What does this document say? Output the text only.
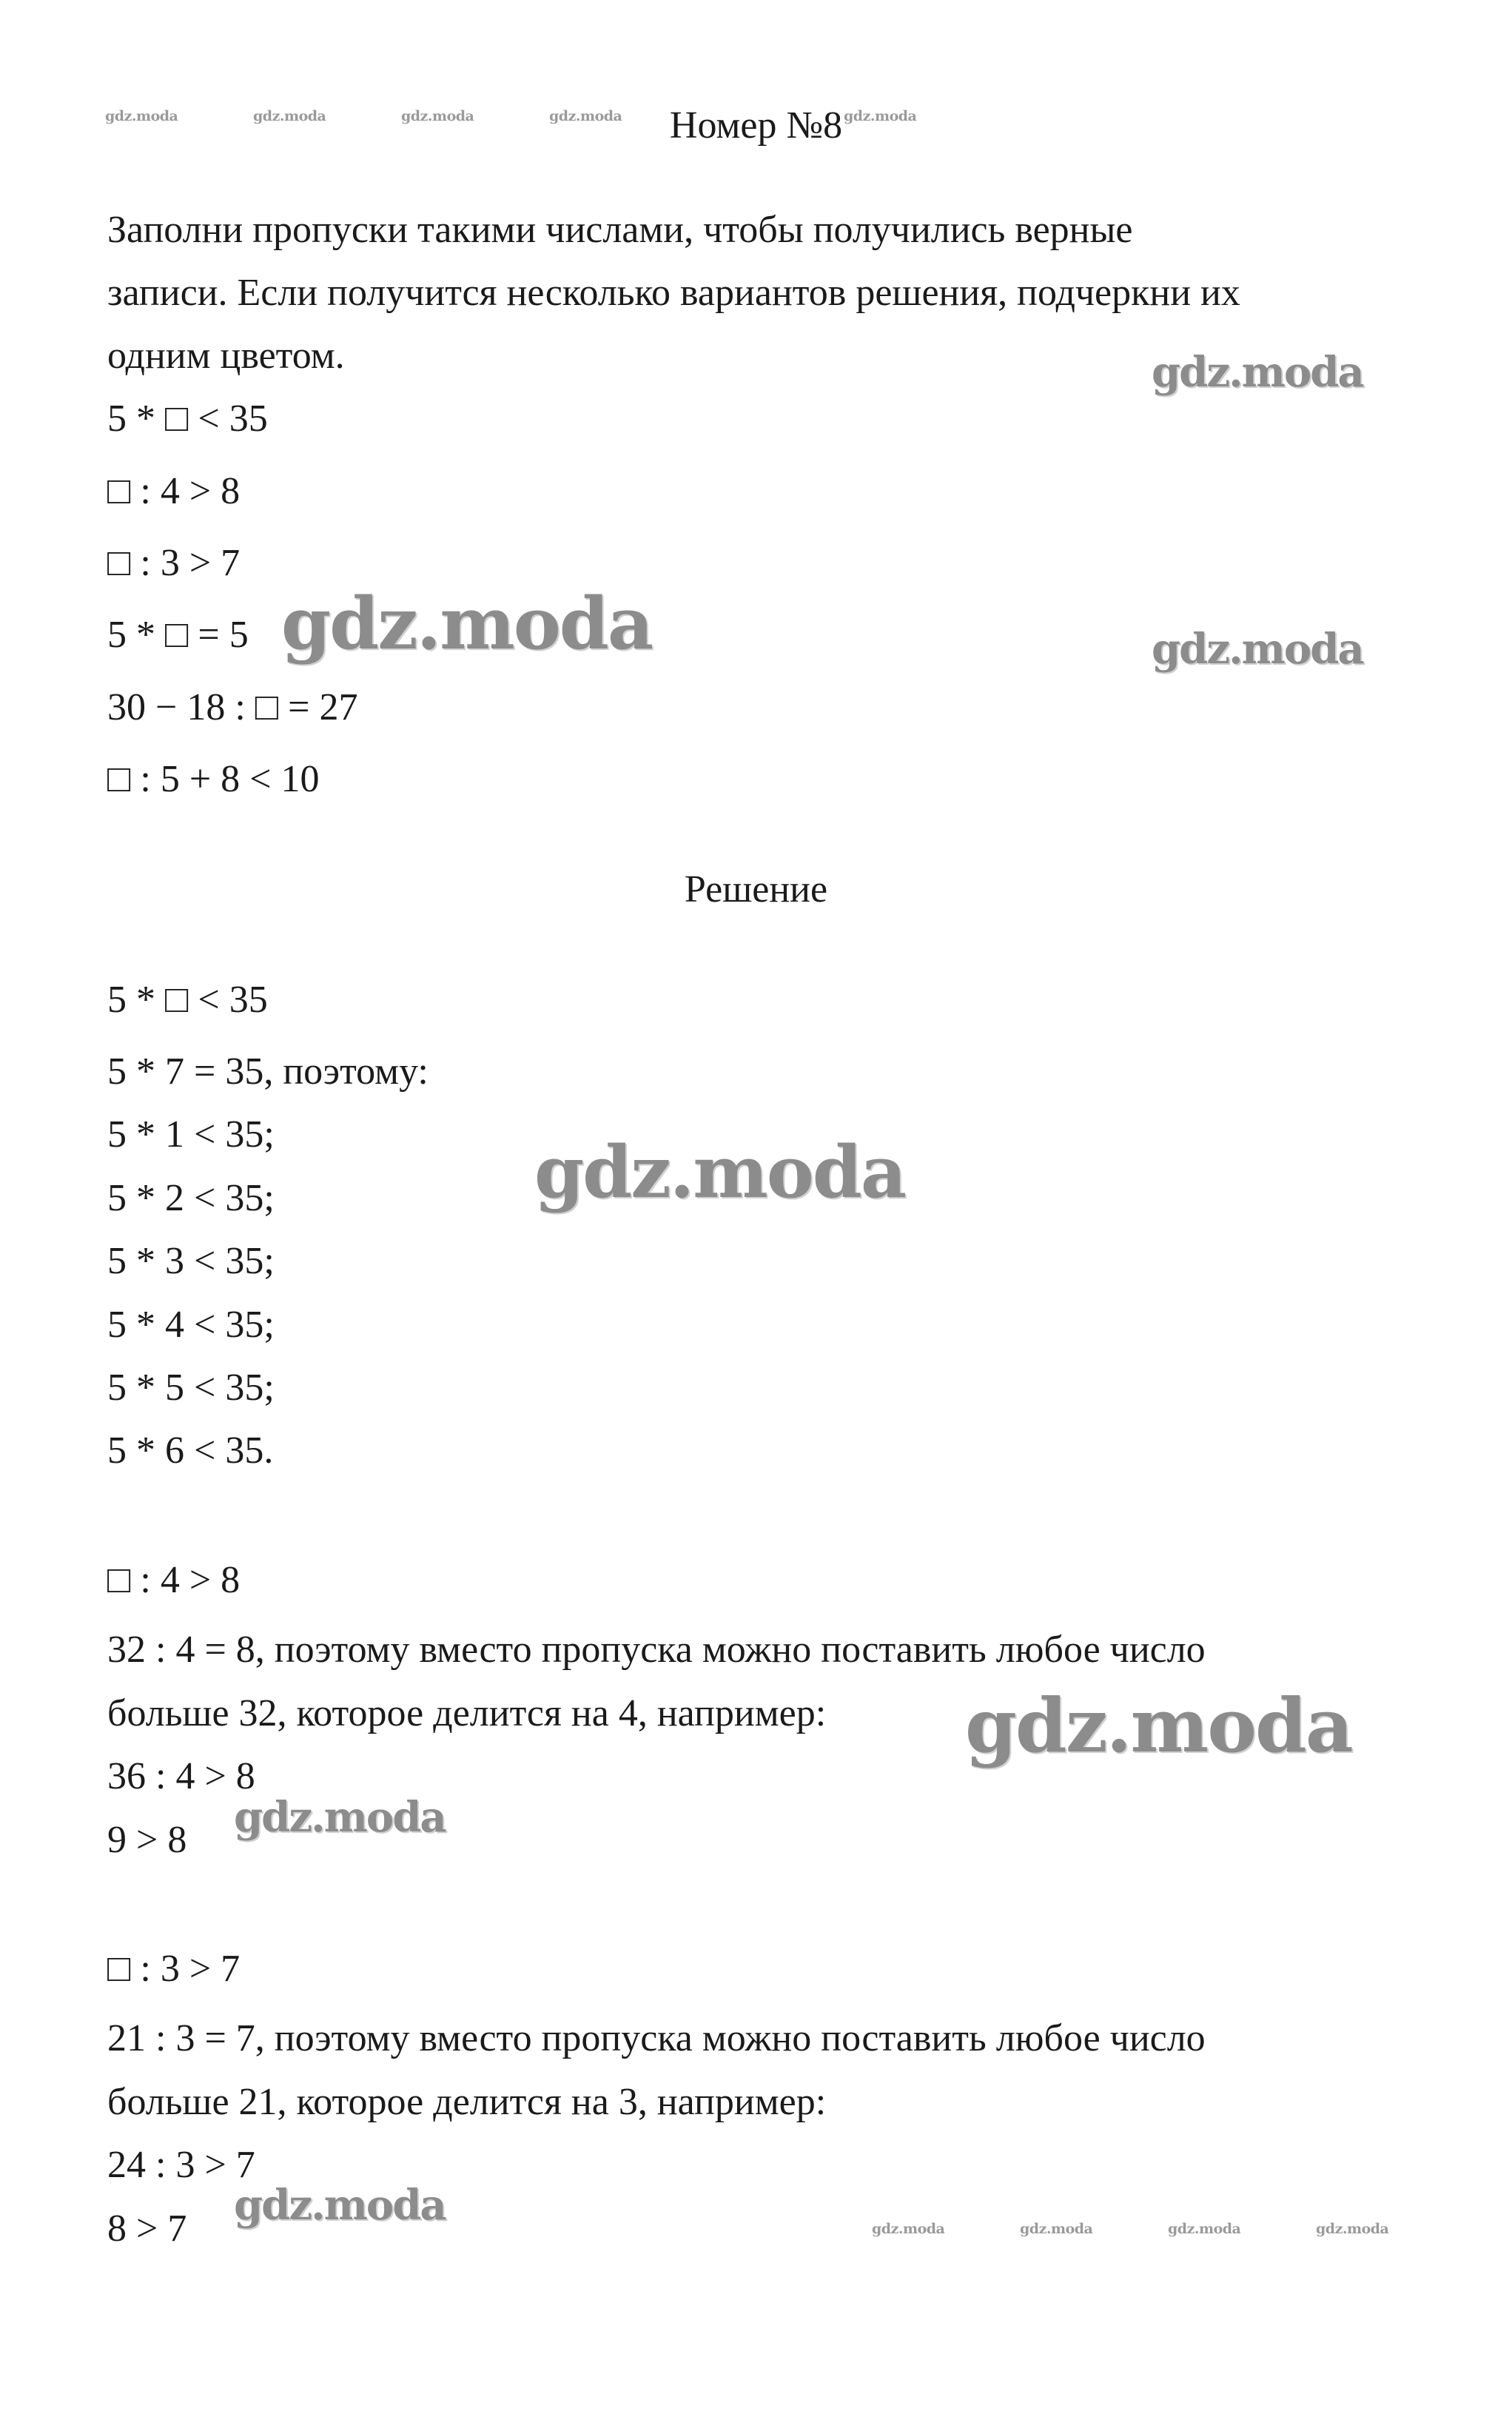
gdz.moda	gdz.moda	gdz.moda	gdz.moda	gdz.moda
Номер №8
Заполни пропуски такими числами, чтобы получились верные
записи. Если получится несколько вариантов решения, подчеркни их
одним цветом.
5 * □ < 35
□ : 4 > 8
□ : 3 > 7
5 * □ = 5
30 − 18 : □ = 27
□ : 5 + 8 < 10
Решение
5 * □ < 35
5 * 7 = 35, поэтому:
5 * 1 < 35;
5 * 2 < 35;
5 * 3 < 35;
5 * 4 < 35;
5 * 5 < 35;
5 * 6 < 35.
□ : 4 > 8
32 : 4 = 8, поэтому вместо пропуска можно поставить любое число
больше 32, которое делится на 4, например:
36 : 4 > 8
9 > 8
□ : 3 > 7
21 : 3 = 7, поэтому вместо пропуска можно поставить любое число
больше 21, которое делится на 3, например:
24 : 3 > 7
8 > 7
gdz.moda
gdz.moda	gdz.moda
gdz.moda
gdz.moda
gdz.moda
gdz.moda	gdz.moda	gdz.moda	gdz.moda	gdz.moda
